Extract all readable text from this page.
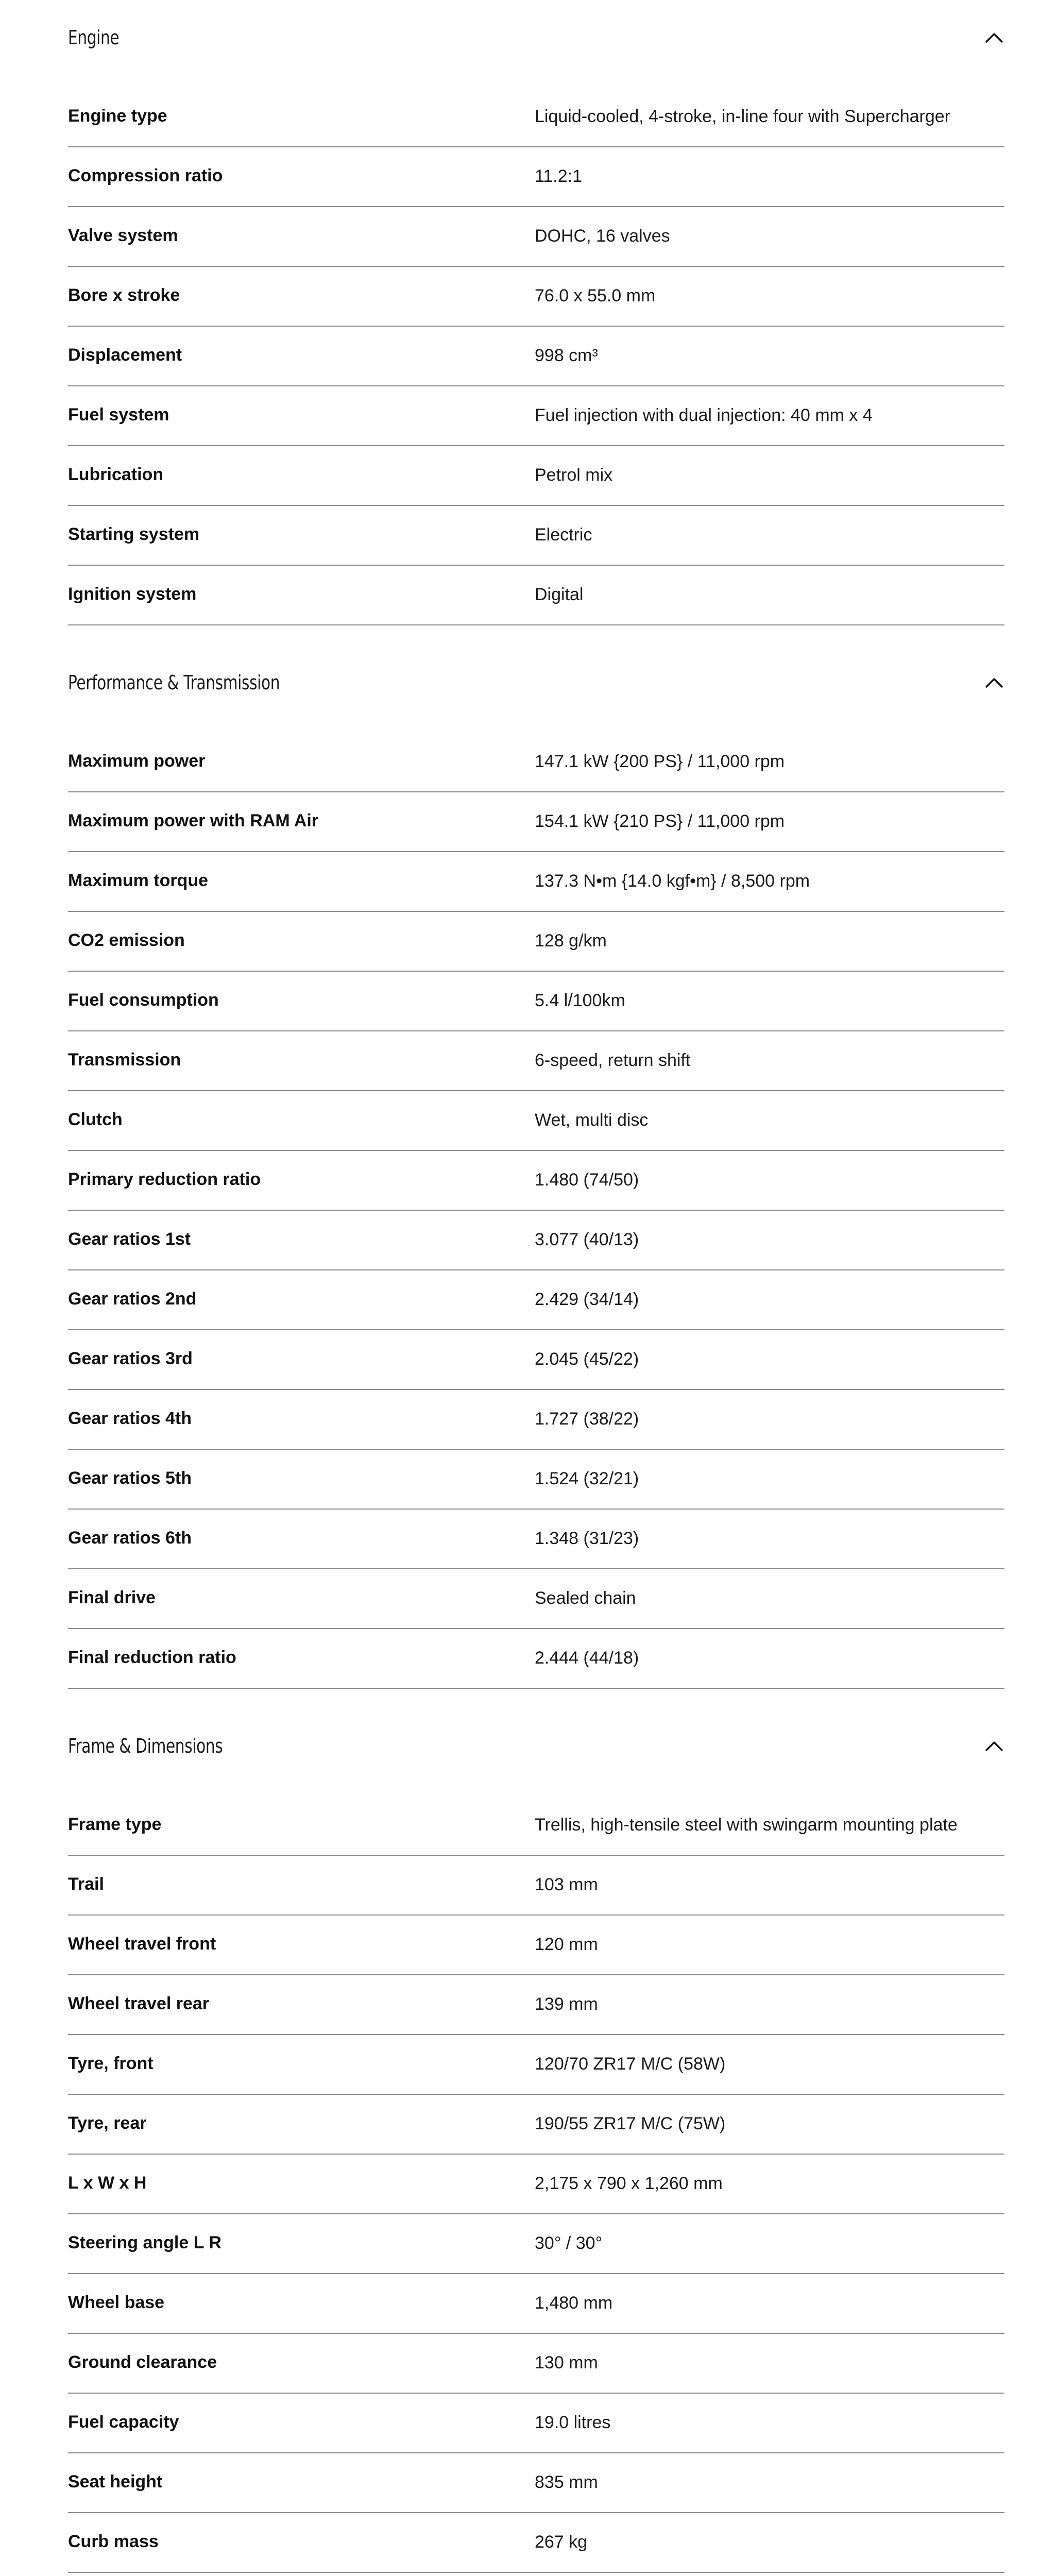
Engine
Engine type	Liquid-cooled, 4-stroke, in-line four with Supercharger
Compression ratio	11.2:1
Valve system	DOHC, 16 valves
Bore x stroke	76.0 x 55.0 mm
Displacement	998 cm³
Fuel system	Fuel injection with dual injection: 40 mm x 4
Lubrication	Petrol mix
Starting system	Electric
Ignition system	Digital
Performance & Transmission
Maximum power	147.1 kW {200 PS} / 11,000 rpm
Maximum power with RAM Air	154.1 kW {210 PS} / 11,000 rpm
Maximum torque	137.3 N•m {14.0 kgf•m} / 8,500 rpm
CO2 emission	128 g/km
Fuel consumption	5.4 l/100km
Transmission	6-speed, return shift
Clutch	Wet, multi disc
Primary reduction ratio	1.480 (74/50)
Gear ratios 1st	3.077 (40/13)
Gear ratios 2nd	2.429 (34/14)
Gear ratios 3rd	2.045 (45/22)
Gear ratios 4th	1.727 (38/22)
Gear ratios 5th	1.524 (32/21)
Gear ratios 6th	1.348 (31/23)
Final drive	Sealed chain
Final reduction ratio	2.444 (44/18)
Frame & Dimensions
Frame type	Trellis, high-tensile steel with swingarm mounting plate
Trail	103 mm
Wheel travel front	120 mm
Wheel travel rear	139 mm
Tyre, front	120/70 ZR17 M/C (58W)
Tyre, rear	190/55 ZR17 M/C (75W)
L x W x H	2,175 x 790 x 1,260 mm
Steering angle L R	30° / 30°
Wheel base	1,480 mm
Ground clearance	130 mm
Fuel capacity	19.0 litres
Seat height	835 mm
Curb mass	267 kg
